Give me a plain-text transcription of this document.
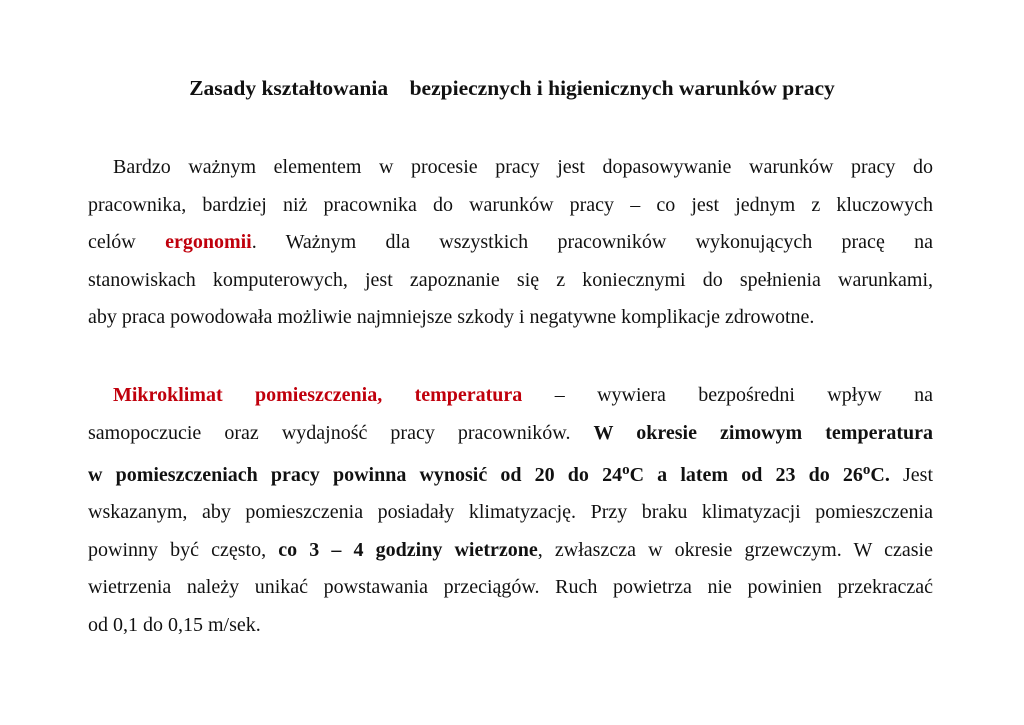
Zasady kształtowania    bezpiecznych i higienicznych warunków pracy
Bardzo ważnym elementem w procesie pracy jest dopasowywanie warunków pracy do
pracownika, bardziej niż pracownika do warunków pracy – co jest jednym z kluczowych
celów ergonomii. Ważnym dla wszystkich pracowników wykonujących pracę na
stanowiskach komputerowych, jest zapoznanie się z koniecznymi do spełnienia warunkami,
aby praca powodowała możliwie najmniejsze szkody i negatywne komplikacje zdrowotne.
Mikroklimat pomieszczenia, temperatura – wywiera bezpośredni wpływ na
samopoczucie oraz wydajność pracy pracowników. W okresie zimowym temperatura
w pomieszczeniach pracy powinna wynosić od 20 do 24$^o$C a latem od 23 do 26$^o$C. Jest
wskazanym, aby pomieszczenia posiadały klimatyzację. Przy braku klimatyzacji pomieszczenia
powinny być często, co 3 – 4 godziny wietrzone, zwłaszcza w okresie grzewczym. W czasie
wietrzenia należy unikać powstawania przeciągów. Ruch powietrza nie powinien przekraczać
od 0,1 do 0,15 m/sek.
